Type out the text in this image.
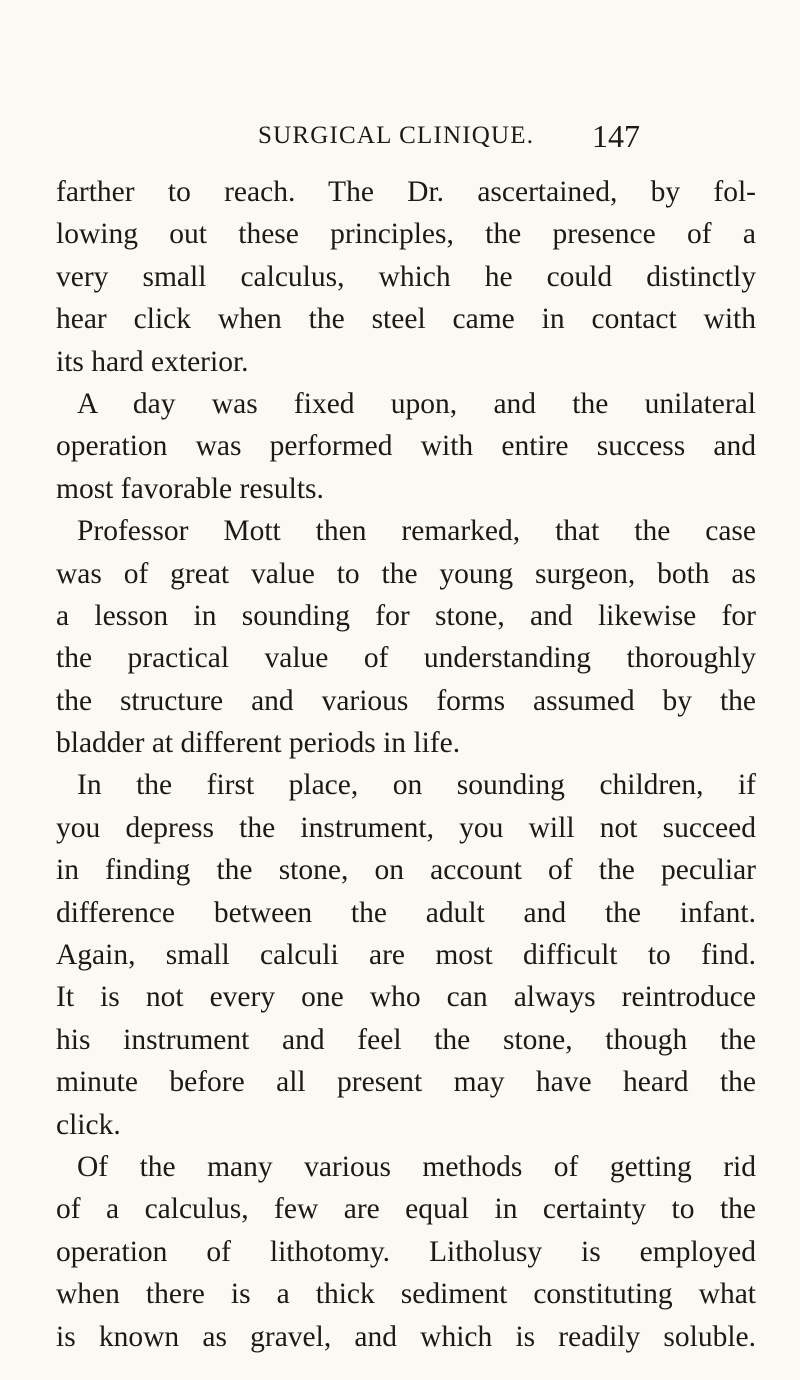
SURGICAL CLINIQUE. 147
farther to reach. The Dr. ascertained, by fol-
lowing out these principles, the presence of a
very small calculus, which he could distinctly
hear click when the steel came in contact with
its hard exterior.
A day was fixed upon, and the unilateral
operation was performed with entire success and
most favorable results.
Professor Mott then remarked, that the case
was of great value to the young surgeon, both as
a lesson in sounding for stone, and likewise for
the practical value of understanding thoroughly
the structure and various forms assumed by the
bladder at different periods in life.
In the first place, on sounding children, if
you depress the instrument, you will not succeed
in finding the stone, on account of the peculiar
difference between the adult and the infant.
Again, small calculi are most difficult to find.
It is not every one who can always reintroduce
his instrument and feel the stone, though the
minute before all present may have heard the
click.
Of the many various methods of getting rid
of a calculus, few are equal in certainty to the
operation of lithotomy. Litholusy is employed
when there is a thick sediment constituting what
is known as gravel, and which is readily soluble.
